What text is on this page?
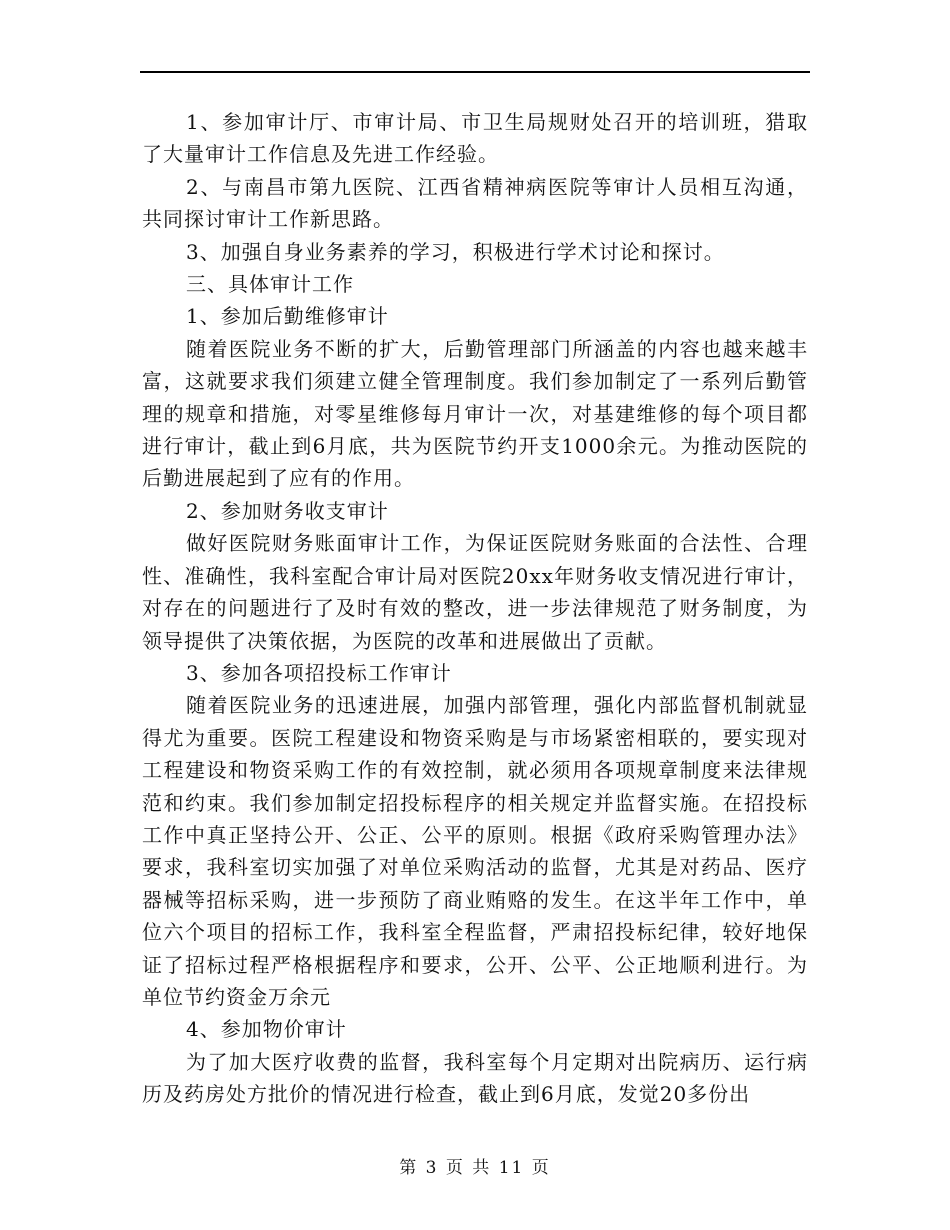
1、参加审计厅、市审计局、市卫生局规财处召开的培训班，猎取了大量审计工作信息及先进工作经验。

2、与南昌市第九医院、江西省精神病医院等审计人员相互沟通，共同探讨审计工作新思路。

3、加强自身业务素养的学习，积极进行学术讨论和探讨。

三、具体审计工作

1、参加后勤维修审计

随着医院业务不断的扩大，后勤管理部门所涵盖的内容也越来越丰富，这就要求我们须建立健全管理制度。我们参加制定了一系列后勤管理的规章和措施，对零星维修每月审计一次，对基建维修的每个项目都进行审计，截止到6月底，共为医院节约开支1000余元。为推动医院的后勤进展起到了应有的作用。

2、参加财务收支审计

做好医院财务账面审计工作，为保证医院财务账面的合法性、合理性、准确性，我科室配合审计局对医院20xx年财务收支情况进行审计，对存在的问题进行了及时有效的整改，进一步法律规范了财务制度，为领导提供了决策依据，为医院的改革和进展做出了贡献。

3、参加各项招投标工作审计

随着医院业务的迅速进展，加强内部管理，强化内部监督机制就显得尤为重要。医院工程建设和物资采购是与市场紧密相联的，要实现对工程建设和物资采购工作的有效控制，就必须用各项规章制度来法律规范和约束。我们参加制定招投标程序的相关规定并监督实施。在招投标工作中真正坚持公开、公正、公平的原则。根据《政府采购管理办法》要求，我科室切实加强了对单位采购活动的监督，尤其是对药品、医疗器械等招标采购，进一步预防了商业贿赂的发生。在这半年工作中，单位六个项目的招标工作，我科室全程监督，严肃招投标纪律，较好地保证了招标过程严格根据程序和要求，公开、公平、公正地顺利进行。为单位节约资金万余元

4、参加物价审计

为了加大医疗收费的监督，我科室每个月定期对出院病历、运行病历及药房处方批价的情况进行检查，截止到6月底，发觉20多份出

第 3 页 共 11 页
